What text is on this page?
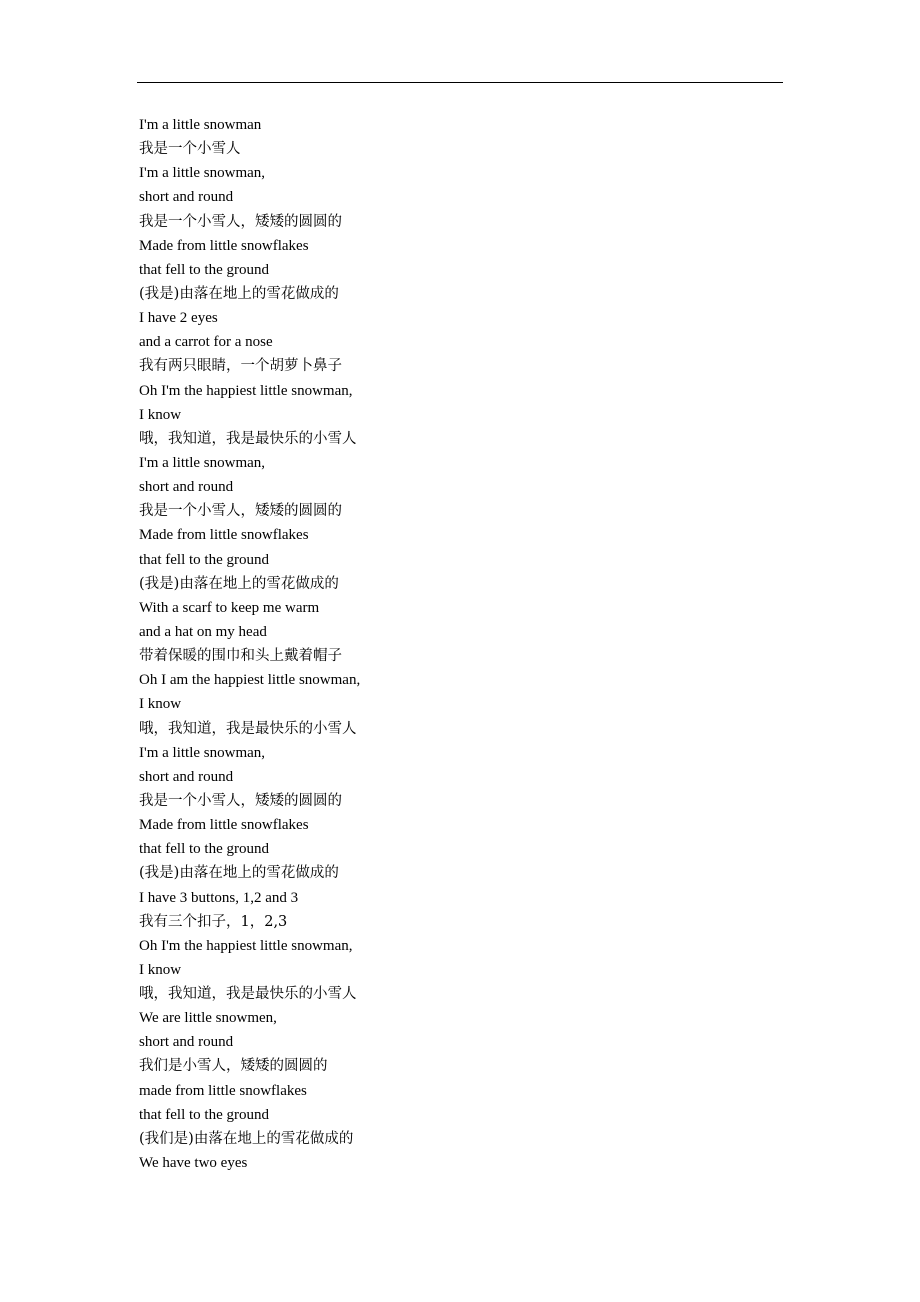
I'm a little snowman
我是一个小雪人
I'm a little snowman,
short and round
我是一个小雪人，矮矮的圆圆的
Made from little snowflakes
that fell to the ground
(我是)由落在地上的雪花做成的
I have 2 eyes
and a carrot for a nose
我有两只眼睛，一个胡萝卜鼻子
Oh I'm the happiest little snowman,
I know
哦，我知道，我是最快乐的小雪人
I'm a little snowman,
short and round
我是一个小雪人，矮矮的圆圆的
Made from little snowflakes
that fell to the ground
(我是)由落在地上的雪花做成的
With a scarf to keep me warm
and a hat on my head
带着保暖的围巾和头上戴着帽子
Oh I am the happiest little snowman,
I know
哦，我知道，我是最快乐的小雪人
I'm a little snowman,
short and round
我是一个小雪人，矮矮的圆圆的
Made from little snowflakes
that fell to the ground
(我是)由落在地上的雪花做成的
I have 3 buttons, 1,2 and 3
我有三个扣子，1，2,3
Oh I'm the happiest little snowman,
I know
哦，我知道，我是最快乐的小雪人
We are little snowmen,
short and round
我们是小雪人，矮矮的圆圆的
made from little snowflakes
that fell to the ground
(我们是)由落在地上的雪花做成的
We have two eyes
